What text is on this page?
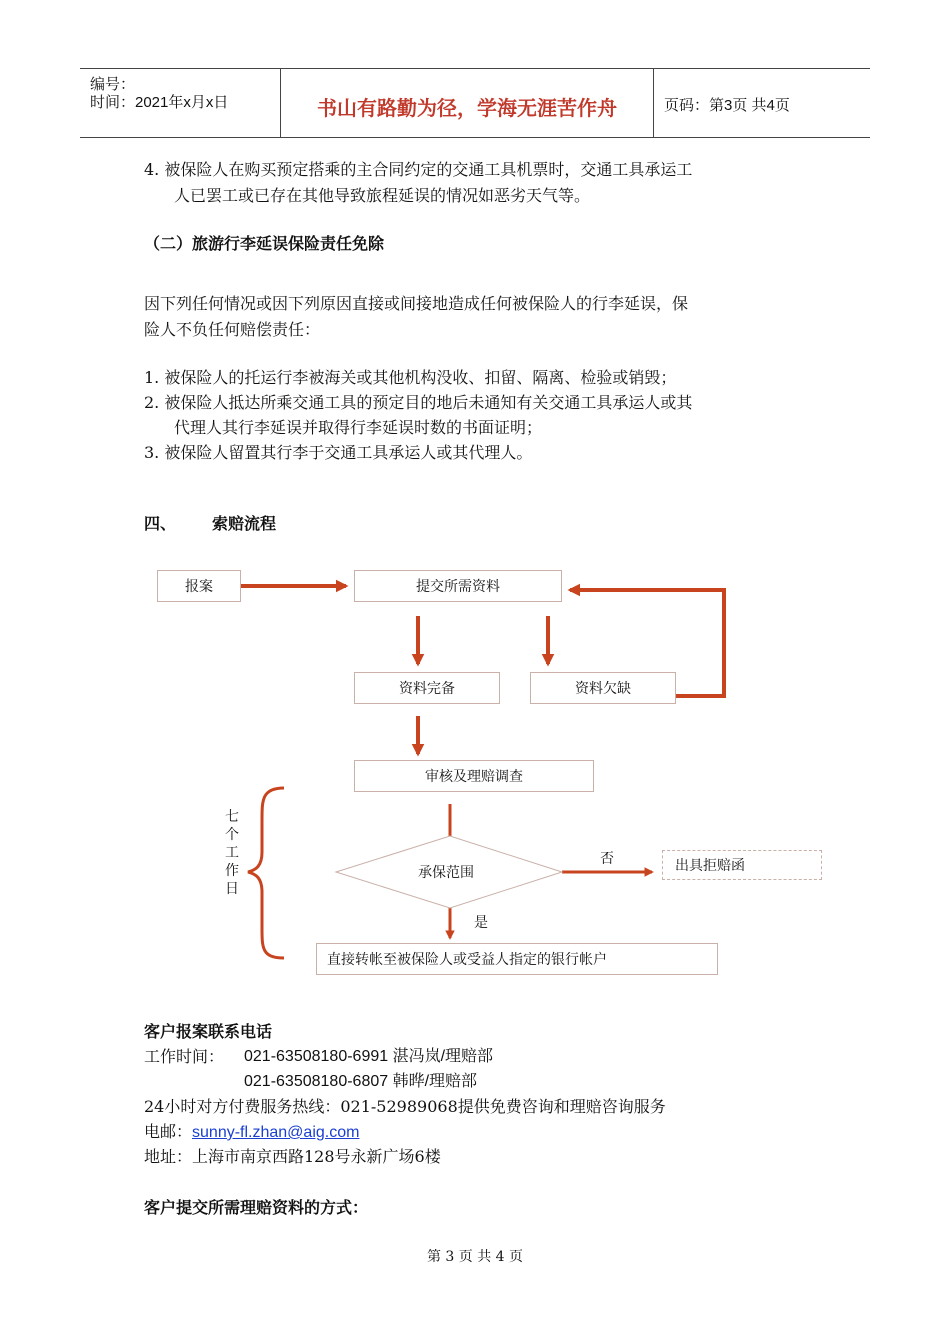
编号：
时间：2021年x月x日	书山有路勤为径，学海无涯苦作舟	页码：第3页 共4页
4. 被保险人在购买预定搭乘的主合同约定的交通工具机票时，交通工具承运工
人已罢工或已存在其他导致旅程延误的情况如恶劣天气等。
（二）旅游行李延误保险责任免除
因下列任何情况或因下列原因直接或间接地造成任何被保险人的行李延误，保
险人不负任何赔偿责任：
1. 被保险人的托运行李被海关或其他机构没收、扣留、隔离、检验或销毁；
2. 被保险人抵达所乘交通工具的预定目的地后未通知有关交通工具承运人或其
代理人其行李延误并取得行李延误时数的书面证明；
3. 被保险人留置其行李于交通工具承运人或其代理人。
四、 索赔流程
报案	提交所需资料
资料完备	资料欠缺
审核及理赔调查
承保范围
否
是
出具拒赔函
直接转帐至被保险人或受益人指定的银行帐户
七
个
工
作
日
客户报案联系电话
工作时间： 021-63508180-6991 湛冯岚/理赔部
021-63508180-6807 韩晔/理赔部
24小时对方付费服务热线：021-52989068提供免费咨询和理赔咨询服务
电邮：sunny-fl.zhan@aig.com
地址：上海市南京西路128号永新广场6楼
客户提交所需理赔资料的方式：
第 3 页 共 4 页
